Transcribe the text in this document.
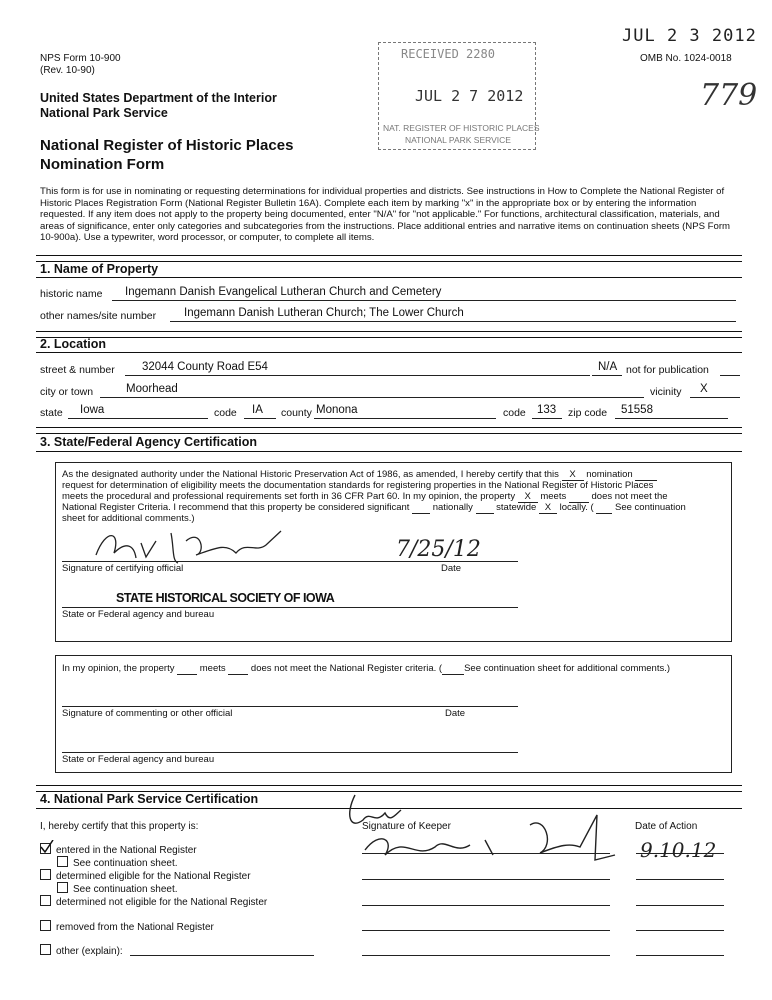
NPS Form 10-900
(Rev. 10-90)
OMB No. 1024-0018
JUL 2 3 2012
779
United States Department of the Interior
National Park Service
National Register of Historic Places
Nomination Form
RECEIVED 2280
JUL 2 7 2012
NAT. REGISTER OF HISTORIC PLACES
NATIONAL PARK SERVICE
This form is for use in nominating or requesting determinations for individual properties and districts. See instructions in How to Complete the National Register of Historic Places Registration Form (National Register Bulletin 16A). Complete each item by marking "x" in the appropriate box or by entering the information requested. If any item does not apply to the property being documented, enter "N/A" for "not applicable." For functions, architectural classification, materials, and areas of significance, enter only categories and subcategories from the instructions. Place additional entries and narrative items on continuation sheets (NPS Form 10-900a). Use a typewriter, word processor, or computer, to complete all items.
1. Name of Property
historic name Ingemann Danish Evangelical Lutheran Church and Cemetery
other names/site number Ingemann Danish Lutheran Church; The Lower Church
2. Location
street & number 32044 County Road E54	N/A not for publication
city or town	Moorhead	vicinity X
state Iowa	code IA county Monona	code 133 zip code 51558
3. State/Federal Agency Certification
As the designated authority under the National Historic Preservation Act of 1986, as amended, I hereby certify that this X nomination
request for determination of eligibility meets the documentation standards for registering properties in the National Register of Historic Places
meets the procedural and professional requirements set forth in 36 CFR Part 60. In my opinion, the property X meets	does not meet the
National Register Criteria. I recommend that this property be considered significant nationally statewide X locally. ( See continuation
sheet for additional comments.)
Signature of certifying official
7/25/12
Date
STATE HISTORICAL SOCIETY OF IOWA
State or Federal agency and bureau
In my opinion, the property	meets	does not meet the National Register criteria. ( See continuation sheet for additional comments.)
Signature of commenting or other official	Date
State or Federal agency and bureau
4. National Park Service Certification
I, hereby certify that this property is:	Signature of Keeper	Date of Action
9.10.12
entered in the National Register
See continuation sheet.
determined eligible for the National Register
See continuation sheet.
determined not eligible for the National Register
removed from the National Register
other (explain):
